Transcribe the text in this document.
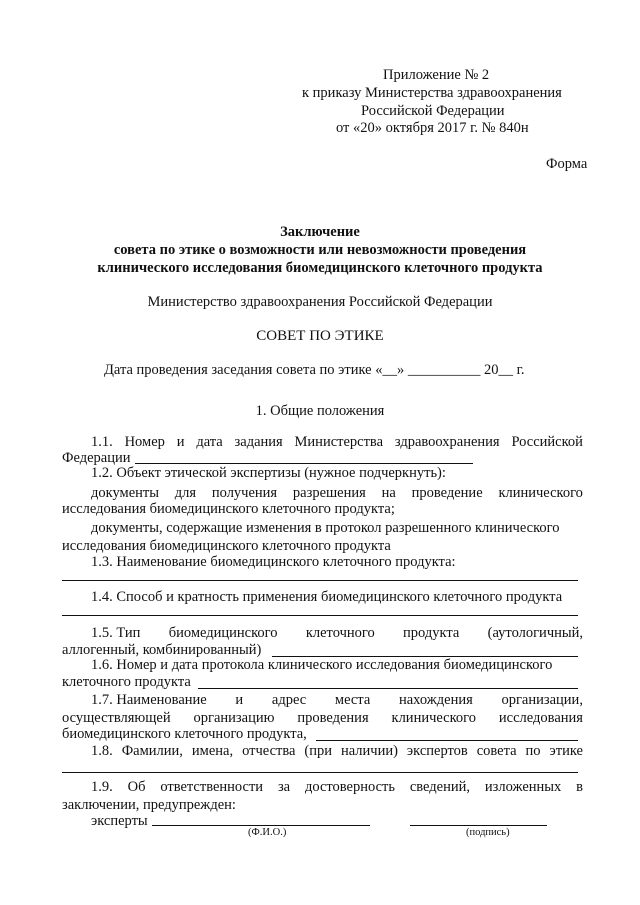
Приложение № 2
к приказу Министерства здравоохранения
Российской Федерации
от «20» октября 2017 г. № 840н
Форма
Заключение
совета по этике о возможности или невозможности проведения
клинического исследования биомедицинского клеточного продукта
Министерство здравоохранения Российской Федерации
СОВЕТ ПО ЭТИКЕ
Дата проведения заседания совета по этике «__» __________ 20__ г.
1. Общие положения
1.1. Номер и дата задания Министерства здравоохранения Российской
Федерации
1.2. Объект этической экспертизы (нужное подчеркнуть):
документы для получения разрешения на проведение клинического
исследования биомедицинского клеточного продукта;
документы, содержащие изменения в протокол разрешенного клинического
исследования биомедицинского клеточного продукта
1.3. Наименование биомедицинского клеточного продукта:
1.4. Способ и кратность применения биомедицинского клеточного продукта
1.5. Тип биомедицинского клеточного продукта (аутологичный,
аллогенный, комбинированный)
1.6. Номер и дата протокола клинического исследования биомедицинского
клеточного продукта
1.7. Наименование и адрес места нахождения организации,
осуществляющей организацию проведения клинического исследования
биомедицинского клеточного продукта,
1.8. Фамилии, имена, отчества (при наличии) экспертов совета по этике
1.9. Об ответственности за достоверность сведений, изложенных в
заключении, предупрежден:
эксперты
(Ф.И.О.)	(подпись)
